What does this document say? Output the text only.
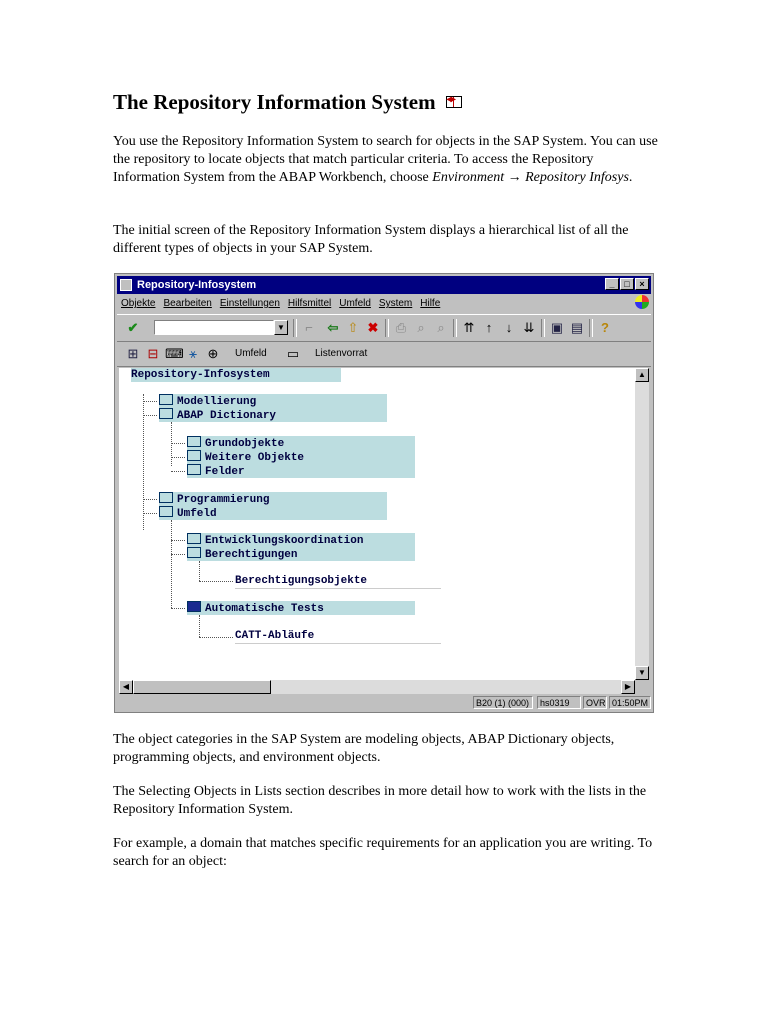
The Repository Information System◂▸

You use the Repository Information System to search for objects in the SAP System. You can use the repository to locate objects that match particular criteria. To access the Repository Information System from the ABAP Workbench, choose Environment → Repository Infosys.

The initial screen of the Repository Information System displays a hierarchical list of all the different types of objects in your SAP System.

Repository-Infosystem	_ □ ×
Objekte Bearbeiten Einstellungen Hilfsmittel Umfeld System Hilfe
✔	▼	⌐	⇦ ⇧ ✖ ⎙ ⌕ ⌕	⇈ ↑	↓ ⇊ ▣ ▤	?
⊞ ⊟ ⌨ ⚹ ⊕ Umfeld ▭ Listenvorrat
Repository-Infosystem
Modellierung
ABAP Dictionary
Grundobjekte
Weitere Objekte
Felder
Programmierung
Umfeld
Entwicklungskoordination
Berechtigungen
Berechtigungsobjekte
Automatische Tests
CATT-Abläufe
▲
▼
◀	▶
B20 (1) (000)	hs0319	OVR 01:50PM

The object categories in the SAP System are modeling objects, ABAP Dictionary objects, programming objects, and environment objects.

The Selecting Objects in Lists section describes in more detail how to work with the lists in the Repository Information System.

For example, a domain that matches specific requirements for an application you are writing. To search for an object:
